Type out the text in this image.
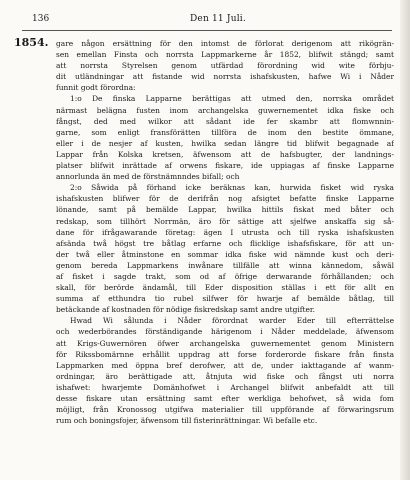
136	Den 11 Juli.
1854. gare någon ersättning för den intomst de förlorat derigenom att rikögrän-
sen emellan Finsta och norrsta Lappmarkerne år 1852, blifwit stängd; samt
att norrsta Styrelsen genom utfärdad förordning wid wite förbju-
dit utländningar att fistande wid norrsta ishafskusten, hafwe Wi i Nåder
funnit godt förordna:
1:o De finska Lapparne berättigas att utmed den, norrska området
närmast belägna fusten inom archangelska guwernementet idka fiske och
fångst, ded med wilkor att sådant ide fer skambr att flomwnnin-
garne, som enligt fransförätten tillföra de inom den bestite ömmane,
eller i de nesjer af kusten, hwilka sedan längre tid blifwit begagnade af
Lappar från Kolska kretsen, äfwensom att de hafsbugter, der landnings-
platser blifwit inrättade af orwens fiskare, ide uppiagas af finske Lapparne
annorlunda än med de förstnämnndes bifall; och
2:o Såwida på förhand icke beräknas kan, hurwida fisket wid ryska
ishafskusten blifwer för de derifrån nog afsigtet befatte finske Lapparne
lönande, samt på bemälde Lappar, hwilka hittils fiskat med båter och
redskap, som tillhört Norrmän, äro för sättige att sjelfwe anskaffa sig så-
dane för ifrågawarande företag: ägen I utrusta och till ryska ishafskusten
afsända twå högst tre båtlag erfarne och flicklige ishafsfiskare, för att un-
der twå eller åtminstone en sommar idka fiske wid nämnde kust och deri-
genom bereda Lappmarkens inwånare tillfälle att winna kännedom, såwäl
af fisket i sagde trakt, som od af öfrige derwarande förhållanden; och
skall, för berörde ändamål, till Eder disposition ställas i ett för allt en
summa af etthundra tio rubel silfwer för hwarje af bemälde båtlag, till
betäckande af kostnaden för nödige fiskredskap samt andre utgifter.
Hwad Wi sålunda i Nåder förordnat warder Eder till efterrättelse
och wederbörandes förständigande härigenom i Nåder meddelade, äfwensom
att Krigs-Guwernören öfwer archangelska guwernementet genom Ministern
för Rikssbomärnne erhållit uppdrag att forse forderorde fiskare från finsta
Lappmarken med öppna bref derofwer, att de, under iakttagande af wanm-
ordningar, äro berättigade att, åtnjuta wid fiske och fångst uti norra
ishafwet: hwarjemte Domänhofwet i Archangel blifwit anbefaldt att till
desse fiskare utan ersättning samt efter werkliga behofwet, så wida fom
möjligt, från Kronossog utgifwa materialier till uppförande af förwaringsrum
rum och boningsfojer, äfwensom till fisterinrättningar. Wi befalle etc.
